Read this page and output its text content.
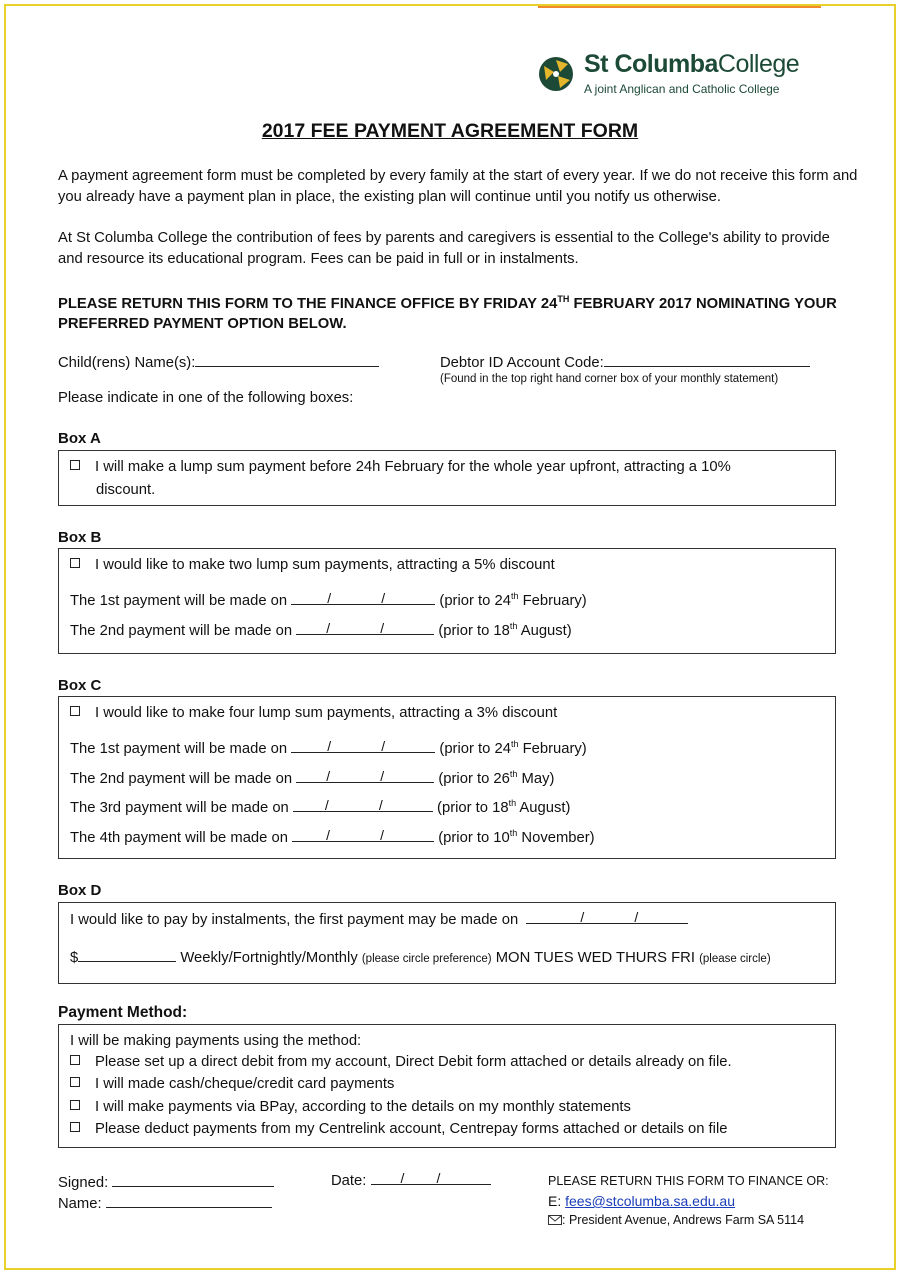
St ColumbaCollege
A joint Anglican and Catholic College
2017 FEE PAYMENT AGREEMENT FORM
A payment agreement form must be completed by every family at the start of every year. If we do not receive this form and you already have a payment plan in place, the existing plan will continue until you notify us otherwise.
At St Columba College the contribution of fees by parents and caregivers is essential to the College's ability to provide and resource its educational program. Fees can be paid in full or in instalments.
PLEASE RETURN THIS FORM TO THE FINANCE OFFICE BY FRIDAY 24TH FEBRUARY 2017 NOMINATING YOUR PREFERRED PAYMENT OPTION BELOW.
Child(rens) Name(s):	Debtor ID Account Code:
(Found in the top right hand corner box of your monthly statement)
Please indicate in one of the following boxes:
Box A
I will make a lump sum payment before 24h February for the whole year upfront, attracting a 10%
discount.
Box B
I would like to make two lump sum payments, attracting a 5% discount
The 1st payment will be made on	/	/	(prior to 24th February)
The 2nd payment will be made on /	/	(prior to 18th August)
Box C
I would like to make four lump sum payments, attracting a 3% discount
The 1st payment will be made on	/	/	(prior to 24th February)
The 2nd payment will be made on /	/	(prior to 26th May)
The 3rd payment will be made on	/	/	(prior to 18th August)
The 4th payment will be made on	/	/	(prior to 10th November)
Box D
I would like to pay by instalments, the first payment may be made on	/	/
$	Weekly/Fortnightly/Monthly (please circle preference) MON TUES WED THURS FRI (please circle)
Payment Method:
I will be making payments using the method:
Please set up a direct debit from my account, Direct Debit form attached or details already on file.
I will made cash/cheque/credit card payments
I will make payments via BPay, according to the details on my monthly statements
Please deduct payments from my Centrelink account, Centrepay forms attached or details on file
Signed:
Name:
Date: / /	PLEASE RETURN THIS FORM TO FINANCE OR:
E: fees@stcolumba.sa.edu.au
: President Avenue, Andrews Farm SA 5114
